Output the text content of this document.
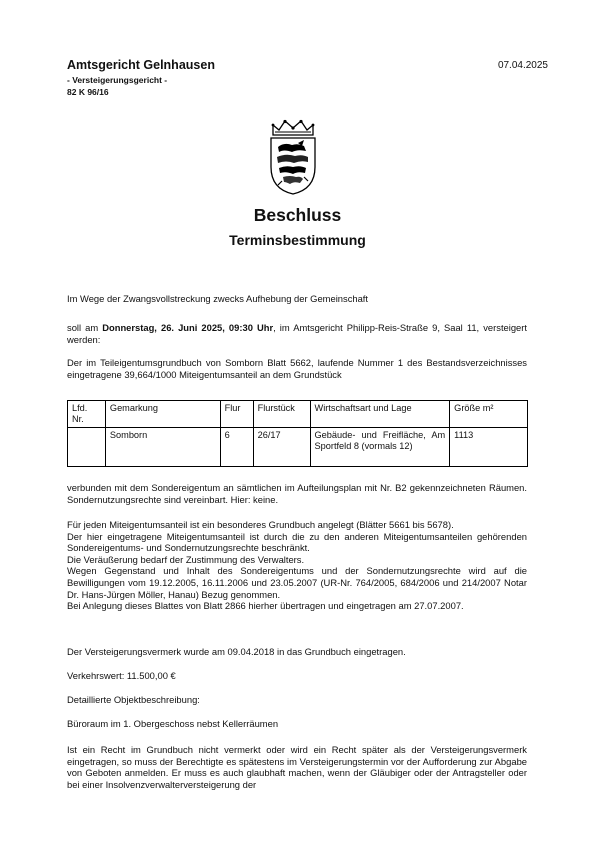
Amtsgericht Gelnhausen
- Versteigerungsgericht -
82 K 96/16
07.04.2025
Beschluss
Terminsbestimmung
Im Wege der Zwangsvollstreckung zwecks Aufhebung der Gemeinschaft
soll am Donnerstag, 26. Juni 2025, 09:30 Uhr, im Amtsgericht Philipp-Reis-Straße 9, Saal 11, versteigert werden:
Der im Teileigentumsgrundbuch von Somborn Blatt 5662, laufende Nummer 1 des Bestandsverzeichnisses eingetragene 39,664/1000 Miteigentumsanteil an dem Grundstück
Lfd. Nr.	Gemarkung	Flur	Flurstück	Wirtschaftsart und Lage	Größe m²
	Somborn	6	26/17	Gebäude- und Freifläche, Am Sportfeld 8 (vormals 12)	1113
verbunden mit dem Sondereigentum an sämtlichen im Aufteilungsplan mit Nr. B2 gekennzeichneten Räumen. Sondernutzungsrechte sind vereinbart. Hier: keine.
Für jeden Miteigentumsanteil ist ein besonderes Grundbuch angelegt (Blätter 5661 bis 5678).
Der hier eingetragene Miteigentumsanteil ist durch die zu den anderen Miteigentumsanteilen gehörenden Sondereigentums- und Sondernutzungsrechte beschränkt.
Die Veräußerung bedarf der Zustimmung des Verwalters.
Wegen Gegenstand und Inhalt des Sondereigentums und der Sondernutzungsrechte wird auf die Bewilligungen vom 19.12.2005, 16.11.2006 und 23.05.2007 (UR-Nr. 764/2005, 684/2006 und 214/2007 Notar Dr. Hans-Jürgen Möller, Hanau) Bezug genommen.
Bei Anlegung dieses Blattes von Blatt 2866 hierher übertragen und eingetragen am 27.07.2007.
Der Versteigerungsvermerk wurde am 09.04.2018 in das Grundbuch eingetragen.
Verkehrswert: 11.500,00 €
Detaillierte Objektbeschreibung:
Büroraum im 1. Obergeschoss nebst Kellerräumen
Ist ein Recht im Grundbuch nicht vermerkt oder wird ein Recht später als der Versteigerungsvermerk eingetragen, so muss der Berechtigte es spätestens im Versteigerungstermin vor der Aufforderung zur Abgabe von Geboten anmelden. Er muss es auch glaubhaft machen, wenn der Gläubiger oder der Antragsteller oder bei einer Insolvenzverwalterversteigerung der
